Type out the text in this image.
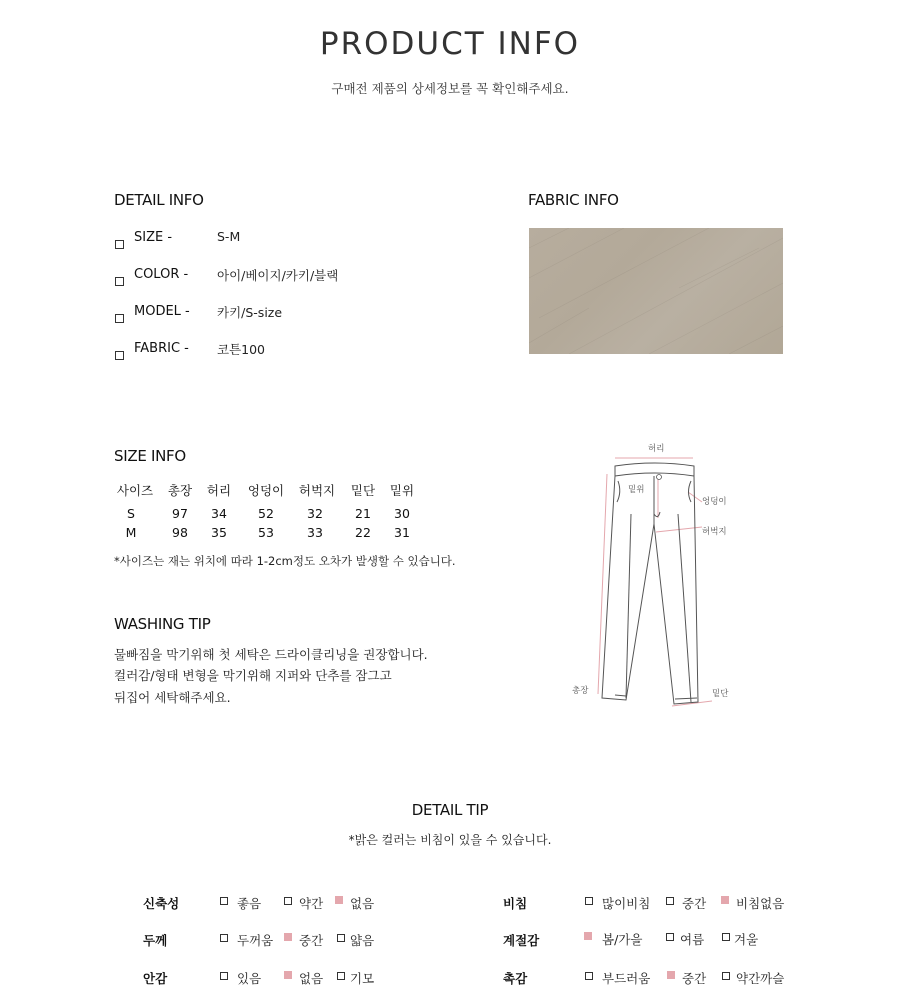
PRODUCT INFO
구매전 제품의 상세정보를 꼭 확인해주세요.
DETAIL INFO
SIZE -	S-M
COLOR - 아이/베이지/카키/블랙
MODEL - 카키/S-size
FABRIC - 코튼100
FABRIC INFO
SIZE INFO
사이즈	총장	허리	엉덩이	허벅지	밑단	밑위
S	97	34	52	32	21	30
M	98	35	53	33	22	31
*사이즈는 재는 위치에 따라 1-2cm정도 오차가 발생할 수 있습니다.
WASHING TIP
물빠짐을 막기위해 첫 세탁은 드라이클리닝을 권장합니다.
컬러감/형태 변형을 막기위해 지퍼와 단추를 잠그고
뒤집어 세탁해주세요.
허리
밑위
엉덩이
허벅지
총장	밑단
DETAIL TIP
*밝은 컬러는 비침이 있을 수 있습니다.
신축성	좋음	약간 없음
두께	두꺼움 중간 얇음
안감	있음	없음 기모
비침	많이비침	중간 비침없음
계절감	봄/가을	여름 겨울
촉감	부드러움	중간 약간까슬
